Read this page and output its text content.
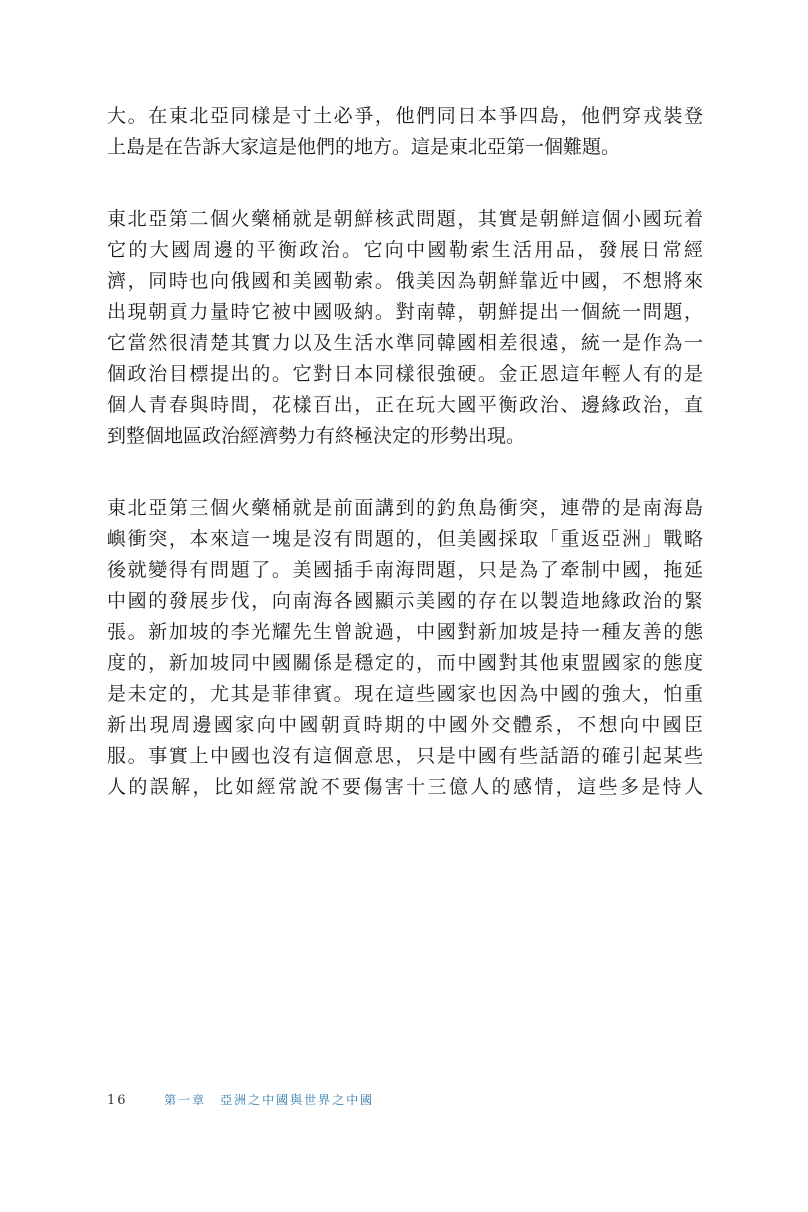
大。在東北亞同樣是寸土必爭，他們同日本爭四島，他們穿戎裝登
上島是在告訴大家這是他們的地方。這是東北亞第一個難題。

東北亞第二個火藥桶就是朝鮮核武問題，其實是朝鮮這個小國玩着
它的大國周邊的平衡政治。它向中國勒索生活用品，發展日常經
濟，同時也向俄國和美國勒索。俄美因為朝鮮靠近中國，不想將來
出現朝貢力量時它被中國吸納。對南韓，朝鮮提出一個統一問題，
它當然很清楚其實力以及生活水準同韓國相差很遠，統一是作為一
個政治目標提出的。它對日本同樣很強硬。金正恩這年輕人有的是
個人青春與時間，花樣百出，正在玩大國平衡政治、邊緣政治，直
到整個地區政治經濟勢力有終極決定的形勢出現。

東北亞第三個火藥桶就是前面講到的釣魚島衝突，連帶的是南海島
嶼衝突，本來這一塊是沒有問題的，但美國採取「重返亞洲」戰略
後就變得有問題了。美國插手南海問題，只是為了牽制中國，拖延
中國的發展步伐，向南海各國顯示美國的存在以製造地緣政治的緊
張。新加坡的李光耀先生曾說過，中國對新加坡是持一種友善的態
度的，新加坡同中國關係是穩定的，而中國對其他東盟國家的態度
是未定的，尤其是菲律賓。現在這些國家也因為中國的強大，怕重
新出現周邊國家向中國朝貢時期的中國外交體系，不想向中國臣
服。事實上中國也沒有這個意思，只是中國有些話語的確引起某些
人的誤解，比如經常說不要傷害十三億人的感情，這些多是恃人

16	第一章　亞洲之中國與世界之中國
